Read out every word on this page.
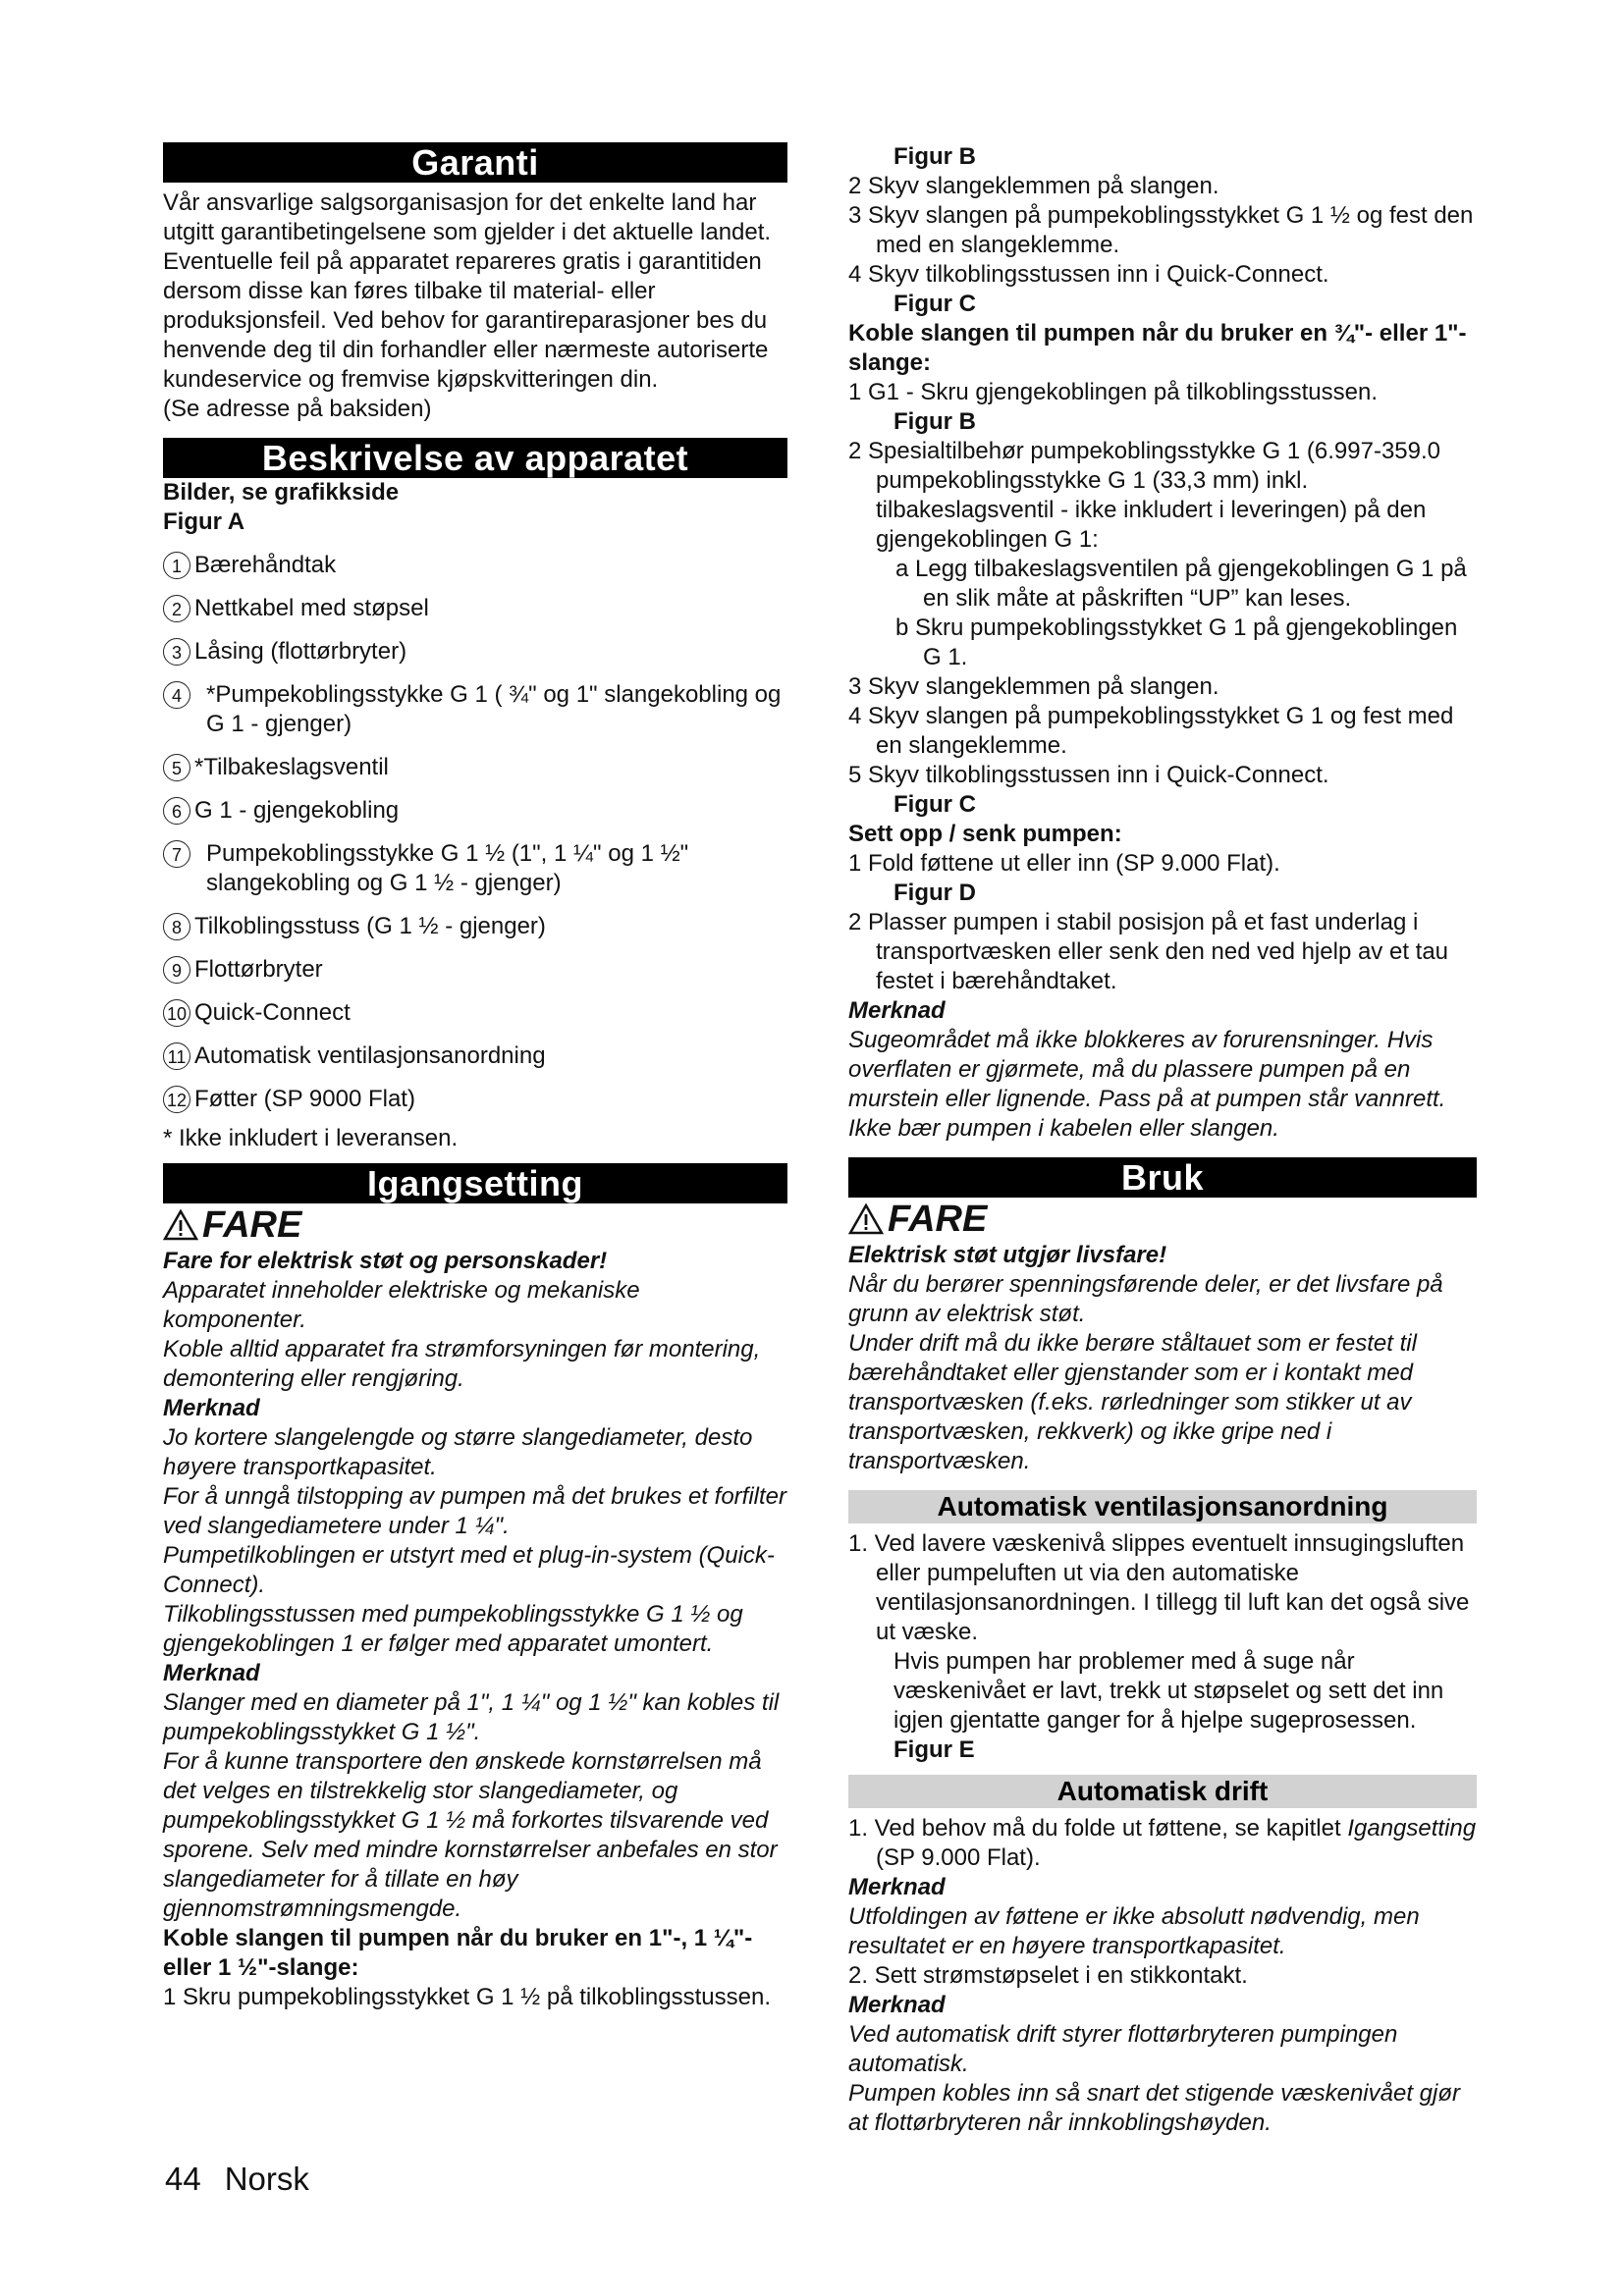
Garanti

Vår ansvarlige salgsorganisasjon for det enkelte land har utgitt garantibetingelsene som gjelder i det aktuelle landet. Eventuelle feil på apparatet repareres gratis i garantitiden dersom disse kan føres tilbake til material- eller produksjonsfeil. Ved behov for garantireparasjoner bes du henvende deg til din forhandler eller nærmeste autoriserte kundeservice og fremvise kjøpskvitteringen din.

(Se adresse på baksiden)

Beskrivelse av apparatet

Bilder, se grafikkside

Figur A

1 Bærehåndtak
2 Nettkabel med støpsel
3 Låsing (flottørbryter)
4	*Pumpekoblingsstykke G 1 ( ¾" og 1" slangekobling og G 1 - gjenger)
5 *Tilbakeslagsventil
6 G 1 - gjengekobling
7	Pumpekoblingsstykke G 1 ½ (1", 1 ¼" og 1 ½" slangekobling og G 1 ½ - gjenger)
8 Tilkoblingsstuss (G 1 ½ - gjenger)
9 Flottørbryter
10 Quick-Connect
11 Automatisk ventilasjonsanordning
12 Føtter (SP 9000 Flat)

* Ikke inkludert i leveransen.

Igangsetting
FARE

Fare for elektrisk støt og personskader!

Apparatet inneholder elektriske og mekaniske komponenter.

Koble alltid apparatet fra strømforsyningen før montering, demontering eller rengjøring.

Merknad

Jo kortere slangelengde og større slangediameter, desto høyere transportkapasitet.

For å unngå tilstopping av pumpen må det brukes et forfilter ved slangediametere under 1 ¼".

Pumpetilkoblingen er utstyrt med et plug-in-system (Quick-Connect).

Tilkoblingsstussen med pumpekoblingsstykke G 1 ½ og gjengekoblingen 1 er følger med apparatet umontert.

Merknad

Slanger med en diameter på 1", 1 ¼" og 1 ½" kan kobles til pumpekoblingsstykket G 1 ½".

For å kunne transportere den ønskede kornstørrelsen må det velges en tilstrekkelig stor slangediameter, og pumpekoblingsstykket G 1 ½ må forkortes tilsvarende ved sporene. Selv med mindre kornstørrelser anbefales en stor slangediameter for å tillate en høy gjennomstrømningsmengde.

Koble slangen til pumpen når du bruker en 1"-, 1 ¼"- eller 1 ½"-slange:

1 Skru pumpekoblingsstykket G 1 ½ på tilkoblingsstussen.

Figur B

2 Skyv slangeklemmen på slangen.

3 Skyv slangen på pumpekoblingsstykket G 1 ½ og fest den med en slangeklemme.

4 Skyv tilkoblingsstussen inn i Quick-Connect.

Figur C

Koble slangen til pumpen når du bruker en ¾"- eller 1"-slange:

1 G1 - Skru gjengekoblingen på tilkoblingsstussen.

Figur B

2 Spesialtilbehør pumpekoblingsstykke G 1 (6.997-359.0 pumpekoblingsstykke G 1 (33,3 mm) inkl. tilbakeslagsventil - ikke inkludert i leveringen) på den gjengekoblingen G 1:

a Legg tilbakeslagsventilen på gjengekoblingen G 1 på en slik måte at påskriften “UP” kan leses.

b Skru pumpekoblingsstykket G 1 på gjengekoblingen G 1.

3 Skyv slangeklemmen på slangen.

4 Skyv slangen på pumpekoblingsstykket G 1 og fest med en slangeklemme.

5 Skyv tilkoblingsstussen inn i Quick-Connect.

Figur C

Sett opp / senk pumpen:

1 Fold føttene ut eller inn (SP 9.000 Flat).

Figur D

2 Plasser pumpen i stabil posisjon på et fast underlag i transportvæsken eller senk den ned ved hjelp av et tau festet i bærehåndtaket.

Merknad

Sugeområdet må ikke blokkeres av forurensninger. Hvis overflaten er gjørmete, må du plassere pumpen på en murstein eller lignende. Pass på at pumpen står vannrett. Ikke bær pumpen i kabelen eller slangen.

Bruk
FARE

Elektrisk støt utgjør livsfare!

Når du berører spenningsførende deler, er det livsfare på grunn av elektrisk støt.

Under drift må du ikke berøre ståltauet som er festet til bærehåndtaket eller gjenstander som er i kontakt med transportvæsken (f.eks. rørledninger som stikker ut av transportvæsken, rekkverk) og ikke gripe ned i transportvæsken.

Automatisk ventilasjonsanordning

1. Ved lavere væskenivå slippes eventuelt innsugingsluften eller pumpeluften ut via den automatiske ventilasjonsanordningen. I tillegg til luft kan det også sive ut væske.

Hvis pumpen har problemer med å suge når væskenivået er lavt, trekk ut støpselet og sett det inn igjen gjentatte ganger for å hjelpe sugeprosessen.

Figur E

Automatisk drift

1. Ved behov må du folde ut føttene, se kapitlet Igangsetting (SP 9.000 Flat).

Merknad

Utfoldingen av føttene er ikke absolutt nødvendig, men resultatet er en høyere transportkapasitet.

2. Sett strømstøpselet i en stikkontakt.

Merknad

Ved automatisk drift styrer flottørbryteren pumpingen automatisk.

Pumpen kobles inn så snart det stigende væskenivået gjør at flottørbryteren når innkoblingshøyden.

44 Norsk
